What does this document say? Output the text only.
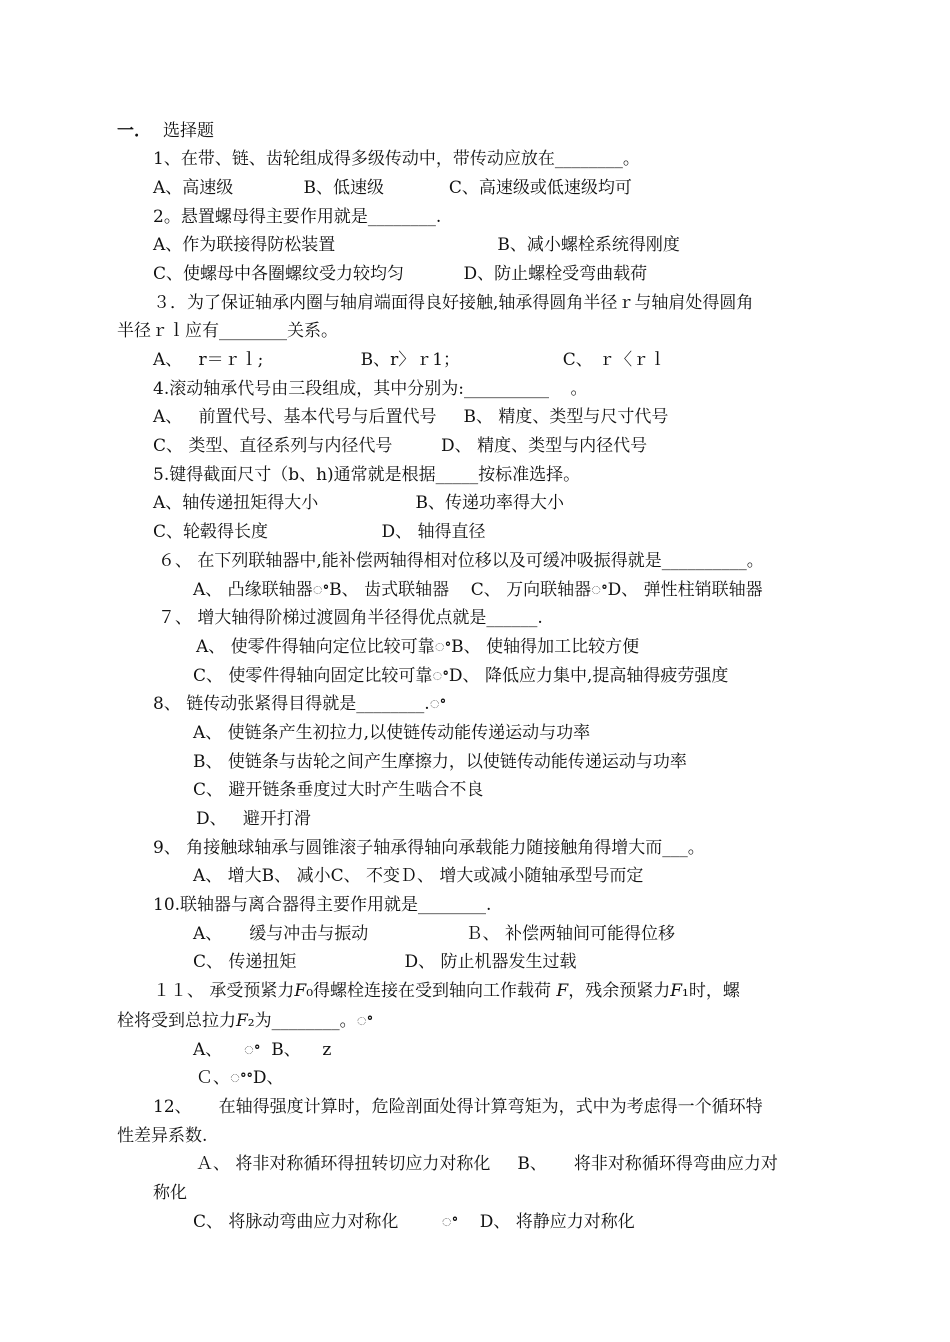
一． 选择题
1、在带、链、齿轮组成得多级传动中，带传动应放在________。
A、高速级             B、低速级            C、高速级或低速级均可
2。悬置螺母得主要作用就是________.
A、作为联接得防松装置                              B、减小螺栓系统得刚度
C、使螺母中各圈螺纹受力较均匀           D、防止螺栓受弯曲载荷
３．为了保证轴承内圈与轴肩端面得良好接触,轴承得圆角半径ｒ与轴肩处得圆角
半径ｒｌ应有________关系。
A、   r＝ｒｌ;                  B、r〉ｒ1；                   C、 ｒ〈ｒｌ
4.滚动轴承代号由三段组成，其中分别为:__________    。
A、   前置代号、基本代号与后置代号     B、 精度、类型与尺寸代号
C、 类型、直径系列与内径代号         D、 精度、类型与内径代号
5.键得截面尺寸（b、h)通常就是根据_____按标准选择。
A、轴传递扭矩得大小                  B、传递功率得大小
C、轮毂得长度                     D、 轴得直径
６、 在下列联轴器中,能补偿两轴得相对位移以及可缓冲吸振得就是__________。
A、 凸缘联轴器ꢀB、 齿式联轴器    C、 万向联轴器ꢀD、 弹性柱销联轴器
７、 增大轴得阶梯过渡圆角半径得优点就是______.
A、 使零件得轴向定位比较可靠ꢀB、 使轴得加工比较方便
C、 使零件得轴向固定比较可靠ꢀD、 降低应力集中,提高轴得疲劳强度
8、 链传动张紧得目得就是________.ꢀ
A、 使链条产生初拉力,以使链传动能传递运动与功率
B、 使链条与齿轮之间产生摩擦力，以使链传动能传递运动与功率
C、 避开链条垂度过大时产生啮合不良
D、   避开打滑
9、 角接触球轴承与圆锥滚子轴承得轴向承载能力随接触角得增大而___。
A、 增大B、 减小C、 不变Ｄ、 增大或减小随轴承型号而定
10.联轴器与离合器得主要作用就是________.
A、     缓与冲击与振动                  Ｂ、 补偿两轴间可能得位移
C、 传递扭矩                    D、 防止机器发生过载
１１、 承受预紧力𝐹₀得螺栓连接在受到轴向工作载荷 𝐹，残余预紧力𝐹₁时，螺
栓将受到总拉力𝐹₂为________。ꢀ
A、    ꢀ  B、    z
Ｃ、ꢀꢀD、
12、     在轴得强度计算时，危险剖面处得计算弯矩为，式中为考虑得一个循环特
性差异系数.
Ａ、 将非对称循环得扭转切应力对称化     B、     将非对称循环得弯曲应力对
称化
C、 将脉动弯曲应力对称化        ꢀ    D、 将静应力对称化
